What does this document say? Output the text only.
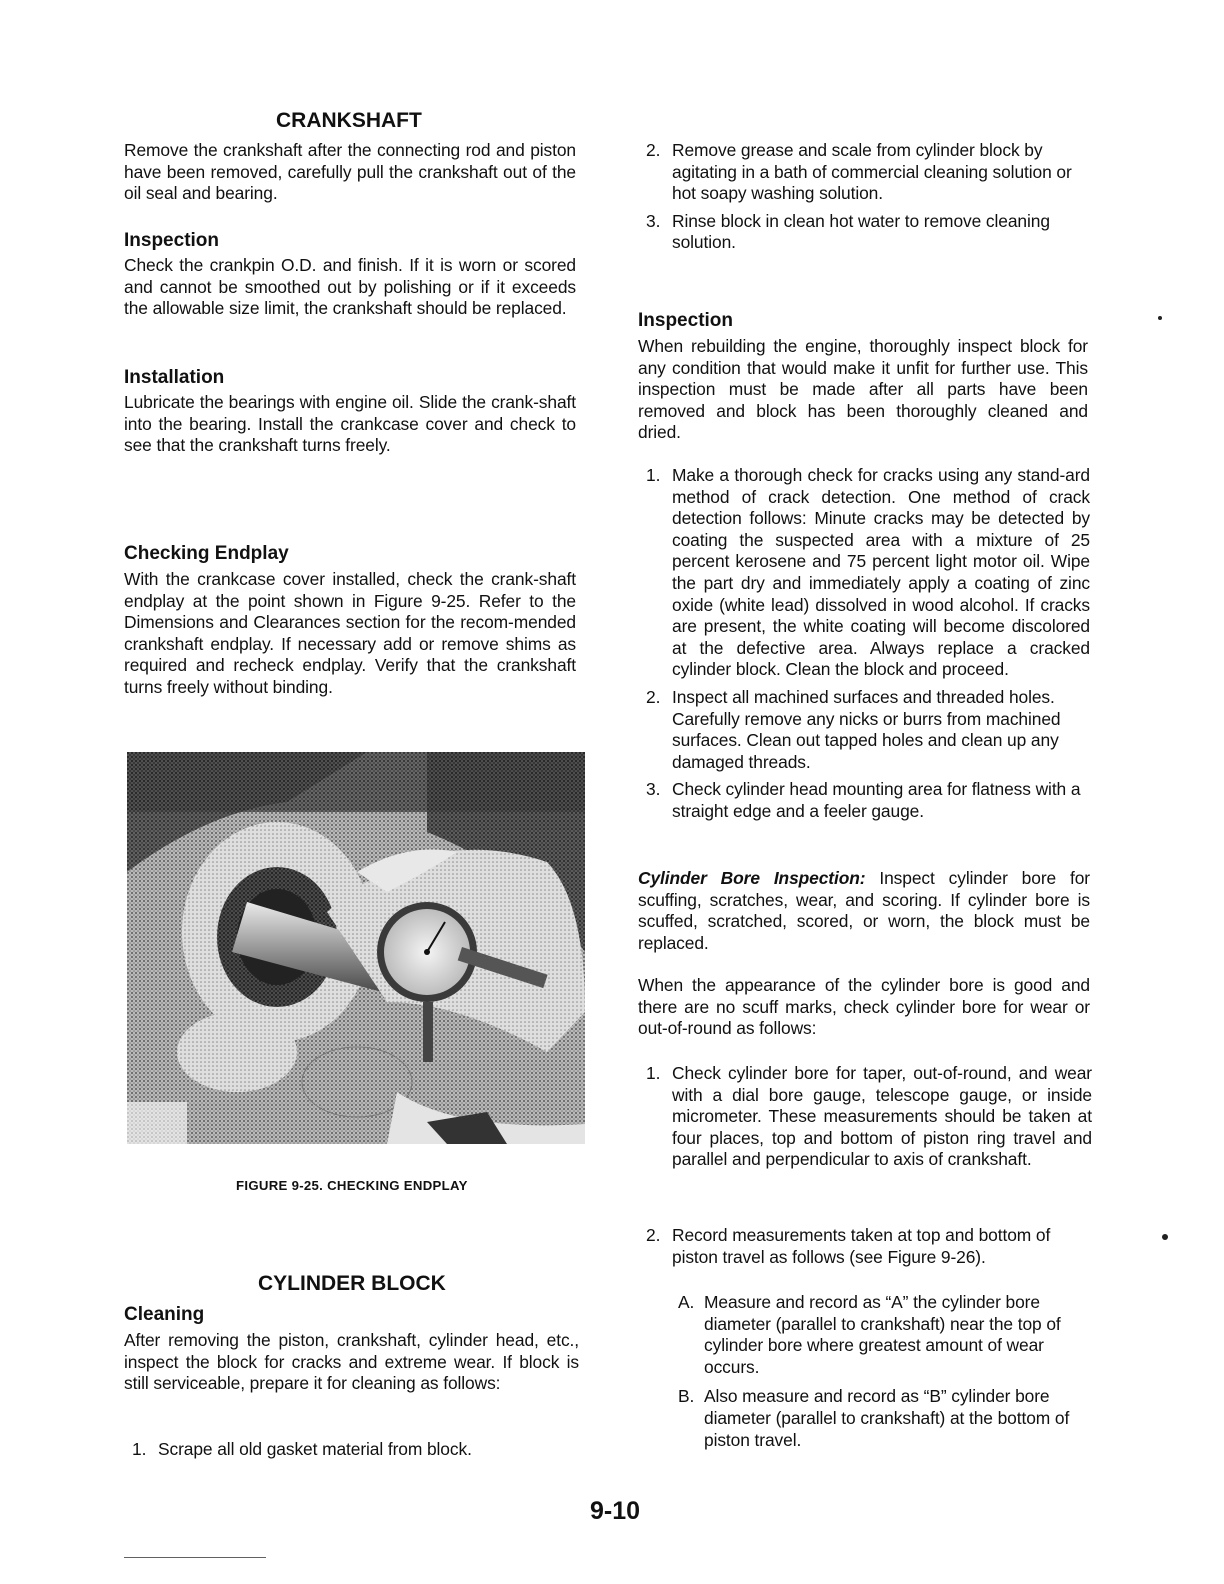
CRANKSHAFT

Remove the crankshaft after the connecting rod and piston have been removed, carefully pull the crankshaft out of the oil seal and bearing.

Inspection

Check the crankpin O.D. and finish. If it is worn or scored and cannot be smoothed out by polishing or if it exceeds the allowable size limit, the crankshaft should be replaced.

Installation

Lubricate the bearings with engine oil. Slide the crank-shaft into the bearing. Install the crankcase cover and check to see that the crankshaft turns freely.

Checking Endplay

With the crankcase cover installed, check the crank-shaft endplay at the point shown in Figure 9-25. Refer to the Dimensions and Clearances section for the recom-mended crankshaft endplay. If necessary add or remove shims as required and recheck endplay. Verify that the crankshaft turns freely without binding.

FIGURE 9-25. CHECKING ENDPLAY
CYLINDER BLOCK
Cleaning

After removing the piston, crankshaft, cylinder head, etc., inspect the block for cracks and extreme wear. If block is still serviceable, prepare it for cleaning as follows:

1. Scrape all old gasket material from block.
2. Remove grease and scale from cylinder block by agitating in a bath of commercial cleaning solution or hot soapy washing solution.
3. Rinse block in clean hot water to remove cleaning solution.
Inspection

When rebuilding the engine, thoroughly inspect block for any condition that would make it unfit for further use. This inspection must be made after all parts have been removed and block has been thoroughly cleaned and dried.

1. Make a thorough check for cracks using any stand-ard method of crack detection. One method of crack detection follows: Minute cracks may be detected by coating the suspected area with a mixture of 25 percent kerosene and 75 percent light motor oil. Wipe the part dry and immediately apply a coating of zinc oxide (white lead) dissolved in wood alcohol. If cracks are present, the white coating will become discolored at the defective area. Always replace a cracked cylinder block. Clean the block and proceed.
2. Inspect all machined surfaces and threaded holes. Carefully remove any nicks or burrs from machined surfaces. Clean out tapped holes and clean up any damaged threads.
3. Check cylinder head mounting area for flatness with a straight edge and a feeler gauge.

Cylinder Bore Inspection: Inspect cylinder bore for scuffing, scratches, wear, and scoring. If cylinder bore is scuffed, scratched, scored, or worn, the block must be replaced.

When the appearance of the cylinder bore is good and there are no scuff marks, check cylinder bore for wear or out-of-round as follows:

1. Check cylinder bore for taper, out-of-round, and wear with a dial bore gauge, telescope gauge, or inside micrometer. These measurements should be taken at four places, top and bottom of piston ring travel and parallel and perpendicular to axis of crankshaft.
2. Record measurements taken at top and bottom of piston travel as follows (see Figure 9-26).
A. Measure and record as “A” the cylinder bore diameter (parallel to crankshaft) near the top of cylinder bore where greatest amount of wear occurs.
B. Also measure and record as “B” cylinder bore diameter (parallel to crankshaft) at the bottom of piston travel.
9-10
